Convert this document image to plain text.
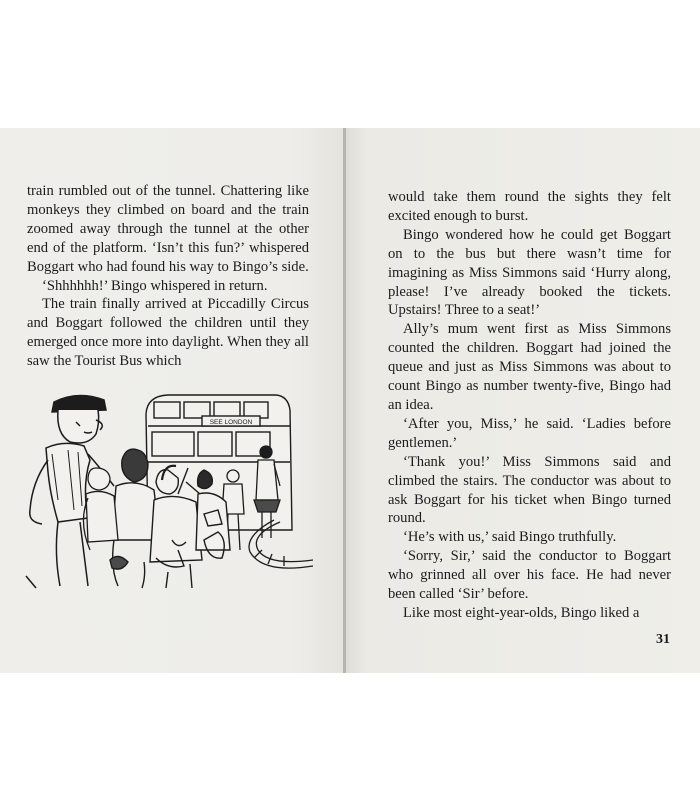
train rumbled out of the tunnel. Chattering like monkeys they climbed on board and the train zoomed away through the tunnel at the other end of the platform. ‘Isn’t this fun?’ whispered Boggart who had found his way to Bingo’s side.

‘Shhhhhh!’ Bingo whispered in return.

The train finally arrived at Piccadilly Circus and Boggart followed the children until they emerged once more into daylight. When they all saw the Tourist Bus which

SEE LONDON

would take them round the sights they felt excited enough to burst.

Bingo wondered how he could get Boggart on to the bus but there wasn’t time for imagining as Miss Simmons said ‘Hurry along, please! I’ve already booked the tickets. Upstairs! Three to a seat!’

Ally’s mum went first as Miss Simmons counted the children. Boggart had joined the queue and just as Miss Simmons was about to count Bingo as number twenty-five, Bingo had an idea.

‘After you, Miss,’ he said. ‘Ladies before gentlemen.’

‘Thank you!’ Miss Simmons said and climbed the stairs. The conductor was about to ask Boggart for his ticket when Bingo turned round.

‘He’s with us,’ said Bingo truthfully.

‘Sorry, Sir,’ said the conductor to Boggart who grinned all over his face. He had never been called ‘Sir’ before.

Like most eight-year-olds, Bingo liked a

31
